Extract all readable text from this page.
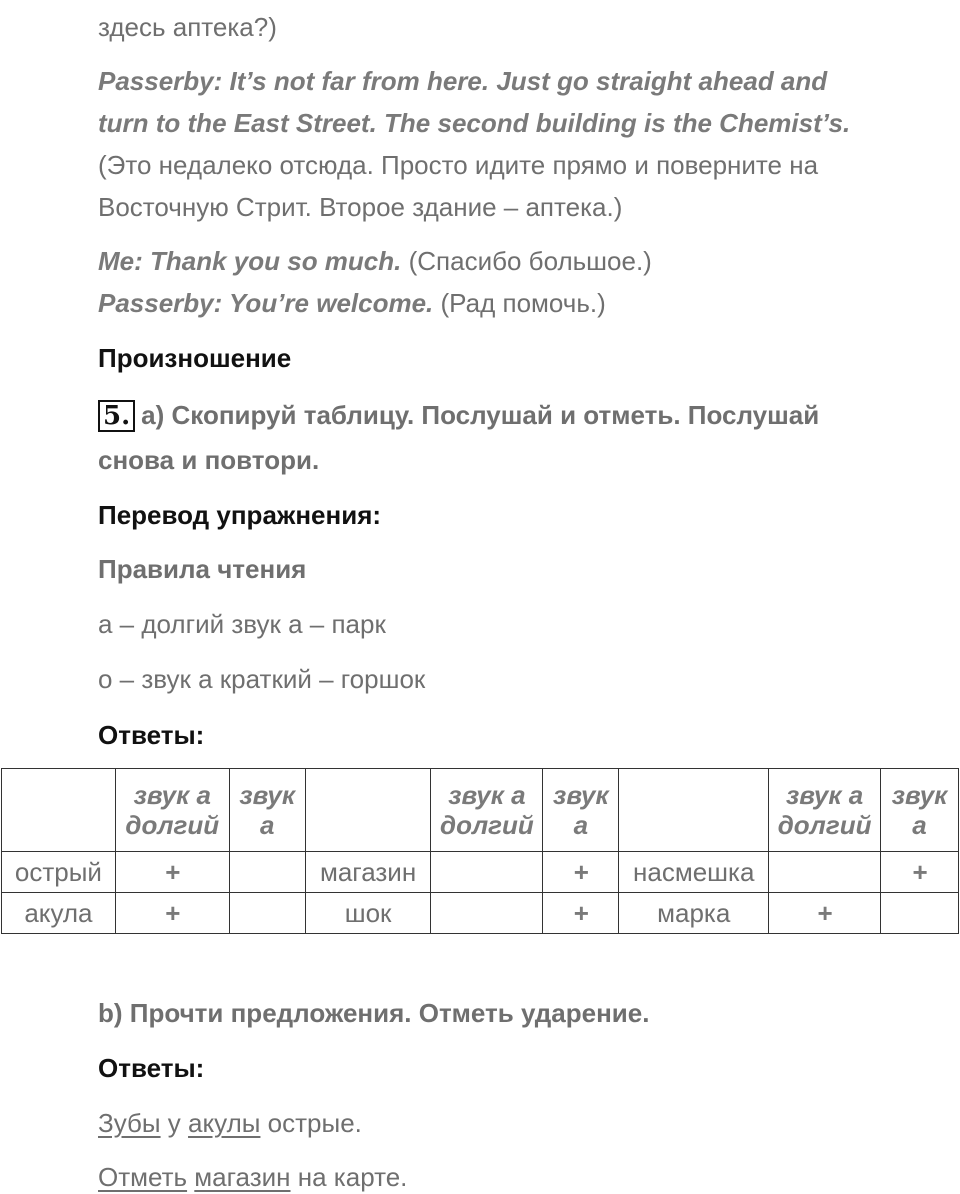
здесь аптека?)
Passerby: It’s not far from here. Just go straight ahead and
turn to the East Street. The second building is the Chemist’s.
(Это недалеко отсюда. Просто идите прямо и поверните на
Восточную Стрит. Второе здание – аптека.)
Me: Thank you so much. (Спасибо большое.)
Passerby: You’re welcome. (Рад помочь.)
Произношение
5. a) Скопируй таблицу. Послушай и отметь. Послушай
снова и повтори.
Перевод упражнения:
Правила чтения
а – долгий звук а – парк
о – звук а краткий – горшок
Ответы:
	звук а долгий	звук а		звук а долгий	звук а		звук а долгий	звук а
острый	+		магазин		+	насмешка		+
акула	+		шок		+	марка	+	
b) Прочти предложения. Отметь ударение.
Ответы:
Зубы у акулы острые.
Отметь магазин на карте.
